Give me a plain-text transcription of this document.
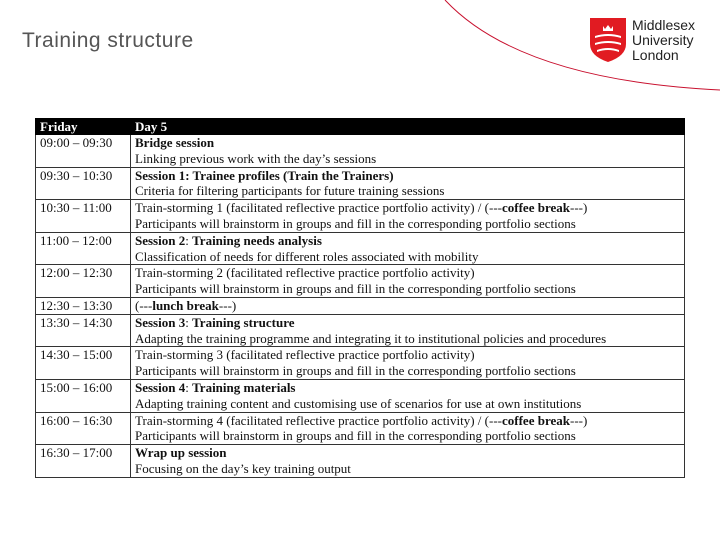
Training structure
Middlesex
University
London
Friday	Day 5
09:00 – 09:30	Bridge session
Linking previous work with the day’s sessions

09:30 – 10:30	Session 1: Trainee profiles (Train the Trainers)
Criteria for filtering participants for future training sessions

10:30 – 11:00	Train-storming 1 (facilitated reflective practice portfolio activity) / (---coffee break---)
Participants will brainstorm in groups and fill in the corresponding portfolio sections

11:00 – 12:00	Session 2: Training needs analysis
Classification of needs for different roles associated with mobility

12:00 – 12:30	Train-storming 2 (facilitated reflective practice portfolio activity)
Participants will brainstorm in groups and fill in the corresponding portfolio sections

12:30 – 13:30	(---lunch break---)

13:30 – 14:30	Session 3: Training structure
Adapting the training programme and integrating it to institutional policies and procedures

14:30 – 15:00	Train-storming 3 (facilitated reflective practice portfolio activity)
Participants will brainstorm in groups and fill in the corresponding portfolio sections

15:00 – 16:00	Session 4: Training materials
Adapting training content and customising use of scenarios for use at own institutions

16:00 – 16:30	Train-storming 4 (facilitated reflective practice portfolio activity) / (---coffee break---)
Participants will brainstorm in groups and fill in the corresponding portfolio sections

16:30 – 17:00	Wrap up session
Focusing on the day’s key training output
